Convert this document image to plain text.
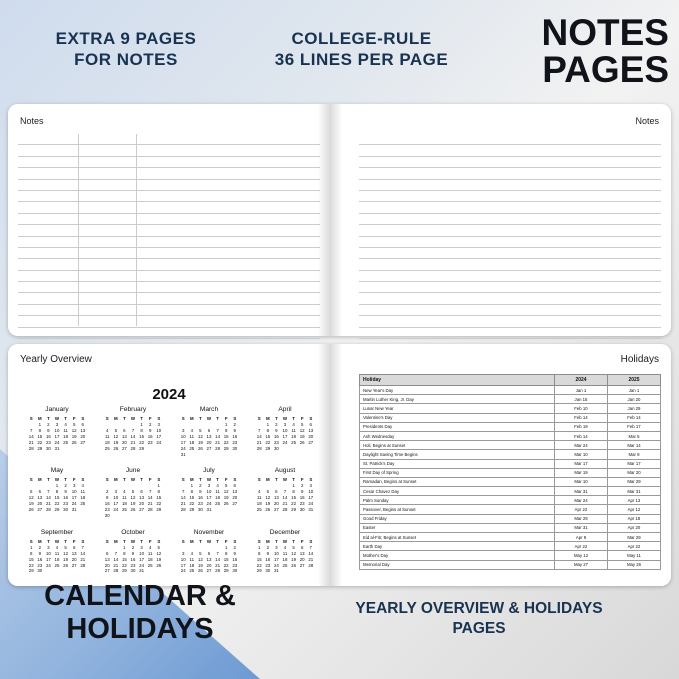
EXTRA 9 PAGES
FOR NOTES
COLLEGE-RULE
36 LINES PER PAGE
NOTES
PAGES
Notes	Notes
Yearly Overview
2024
January
S	M	T	W	T	F	S
	1	2	3	4	5	6
7	8	9	10	11	12	13
14	15	16	17	18	19	20
21	22	23	24	25	26	27
28	29	30	31			
February
S	M	T	W	T	F	S
				1	2	3
4	5	6	7	8	9	10
11	12	13	14	15	16	17
18	19	20	21	22	23	24
25	26	27	28	29		
March
S	M	T	W	T	F	S
					1	2
3	4	5	6	7	8	9
10	11	12	13	14	15	16
17	18	19	20	21	22	23
24	25	26	27	28	29	30
31						
April
S	M	T	W	T	F	S
	1	2	3	4	5	6
7	8	9	10	11	12	13
14	15	16	17	18	19	20
21	22	23	24	25	26	27
28	29	30				
May
S	M	T	W	T	F	S
			1	2	3	4
5	6	7	8	9	10	11
12	13	14	15	16	17	18
19	20	21	22	23	24	25
26	27	28	29	30	31	
June
S	M	T	W	T	F	S
						1
2	3	4	5	6	7	8
9	10	11	12	13	14	15
16	17	18	19	20	21	22
23	24	25	26	27	28	29
30						
July
S	M	T	W	T	F	S
	1	2	3	4	5	6
7	8	9	10	11	12	13
14	15	16	17	18	19	20
21	22	23	24	25	26	27
28	29	30	31			
August
S	M	T	W	T	F	S
				1	2	3
4	5	6	7	8	9	10
11	12	13	14	15	16	17
18	19	20	21	22	23	24
25	26	27	28	29	30	31
September
S	M	T	W	T	F	S
1	2	3	4	5	6	7
8	9	10	11	12	13	14
15	16	17	18	19	20	21
22	23	24	25	26	27	28
29	30					
October
S	M	T	W	T	F	S
		1	2	3	4	5
6	7	8	9	10	11	12
13	14	15	16	17	18	19
20	21	22	23	24	25	26
27	28	29	30	31		
November
S	M	T	W	T	F	S
					1	2
3	4	5	6	7	8	9
10	11	12	13	14	15	16
17	18	19	20	21	22	23
24	25	26	27	28	29	30
December
S	M	T	W	T	F	S
1	2	3	4	5	6	7
8	9	10	11	12	13	14
15	16	17	18	19	20	21
22	23	24	25	26	27	28
29	30	31				
Holidays
Holiday	2024	2025
New Year's Day	Jan 1	Jan 1
Martin Luther King, Jr. Day	Jan 15	Jan 20
Lunar New Year	Feb 10	Jan 29
Valentine's Day	Feb 14	Feb 14
Presidents Day	Feb 19	Feb 17
Ash Wednesday	Feb 14	Mar 5
Holi, Begins at Sunset	Mar 24	Mar 14
Daylight Saving Time Begins	Mar 10	Mar 9
St. Patrick's Day	Mar 17	Mar 17
First Day of Spring	Mar 19	Mar 20
Ramadan, Begins at Sunset	Mar 10	Mar 29
Cesar Chavez Day	Mar 31	Mar 31
Palm Sunday	Mar 24	Apr 13
Passover, Begins at Sunset	Apr 22	Apr 12
Good Friday	Mar 29	Apr 18
Easter	Mar 31	Apr 20
Eid al-Fitr, Begins at Sunset	Apr 9	Mar 29
Earth Day	Apr 22	Apr 22
Mother's Day	May 12	May 11
Memorial Day	May 27	May 26
CALENDAR &
HOLIDAYS
YEARLY OVERVIEW & HOLIDAYS
PAGES
